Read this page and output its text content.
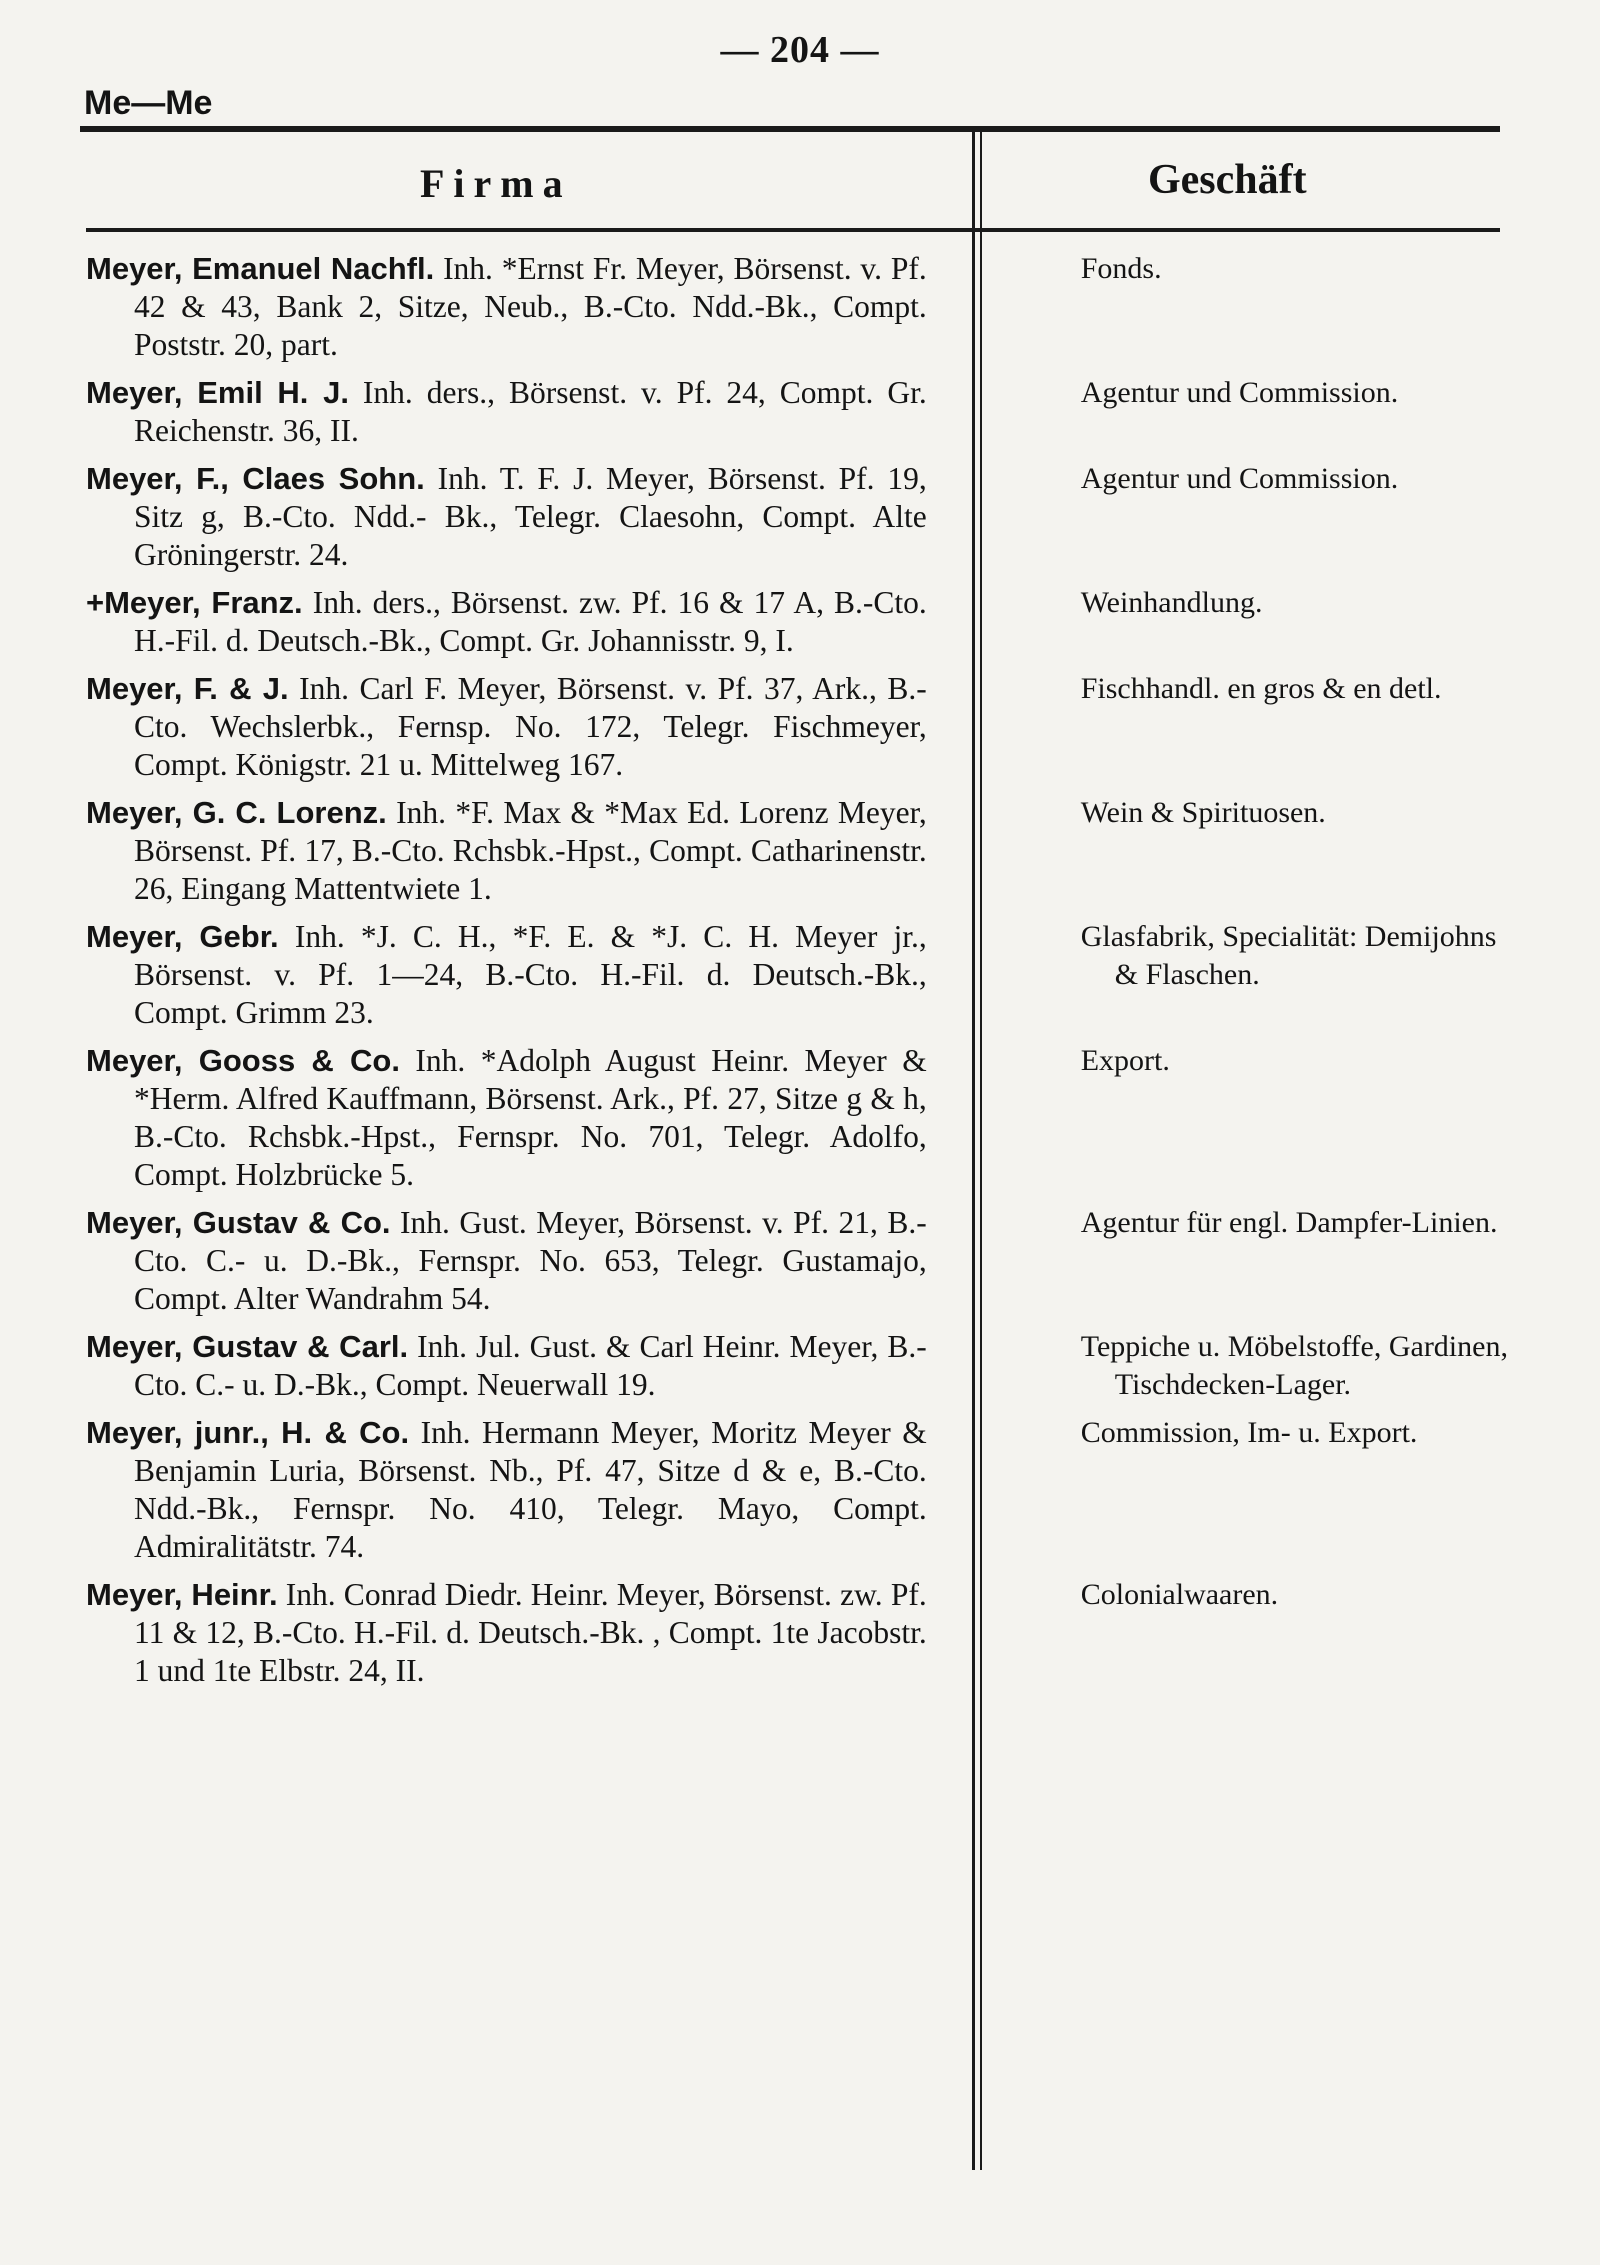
— 204 —
Me—Me
Firma	Geschäft
Meyer, Emanuel Nachfl. Inh. *Ernst Fr. Meyer, Börsenst. v. Pf. 42 & 43, Bank 2, Sitze, Neub., B.-Cto. Ndd.-Bk., Compt. Poststr. 20, part.
Fonds.
Meyer, Emil H. J. Inh. ders., Börsenst. v. Pf. 24, Compt. Gr. Reichenstr. 36, II.
Agentur und Commission.
Meyer, F., Claes Sohn. Inh. T. F. J. Meyer, Börsenst. Pf. 19, Sitz g, B.-Cto. Ndd.- Bk., Telegr. Claesohn, Compt. Alte Gröningerstr. 24.
Agentur und Commission.
+Meyer, Franz. Inh. ders., Börsenst. zw. Pf. 16 & 17 A, B.-Cto. H.-Fil. d. Deutsch.-Bk., Compt. Gr. Johannisstr. 9, I.
Weinhandlung.
Meyer, F. & J. Inh. Carl F. Meyer, Börsenst. v. Pf. 37, Ark., B.-Cto. Wechslerbk., Fernsp. No. 172, Telegr. Fischmeyer, Compt. Königstr. 21 u. Mittelweg 167.
Fischhandl. en gros & en detl.
Meyer, G. C. Lorenz. Inh. *F. Max & *Max Ed. Lorenz Meyer, Börsenst. Pf. 17, B.-Cto. Rchsbk.-Hpst., Compt. Catharinenstr. 26, Eingang Mattentwiete 1.
Wein & Spirituosen.
Meyer, Gebr. Inh. *J. C. H., *F. E. & *J. C. H. Meyer jr., Börsenst. v. Pf. 1—24, B.-Cto. H.-Fil. d. Deutsch.-Bk., Compt. Grimm 23.
Glasfabrik, Specialität: Demijohns & Flaschen.
Meyer, Gooss & Co. Inh. *Adolph August Heinr. Meyer & *Herm. Alfred Kauffmann, Börsenst. Ark., Pf. 27, Sitze g & h, B.-Cto. Rchsbk.-Hpst., Fernspr. No. 701, Telegr. Adolfo, Compt. Holzbrücke 5.
Export.
Meyer, Gustav & Co. Inh. Gust. Meyer, Börsenst. v. Pf. 21, B.-Cto. C.- u. D.-Bk., Fernspr. No. 653, Telegr. Gustamajo, Compt. Alter Wandrahm 54.
Agentur für engl. Dampfer-Linien.
Meyer, Gustav & Carl. Inh. Jul. Gust. & Carl Heinr. Meyer, B.-Cto. C.- u. D.-Bk., Compt. Neuerwall 19.
Teppiche u. Möbelstoffe, Gardinen, Tischdecken-Lager.
Meyer, junr., H. & Co. Inh. Hermann Meyer, Moritz Meyer & Benjamin Luria, Börsenst. Nb., Pf. 47, Sitze d & e, B.-Cto. Ndd.-Bk., Fernspr. No. 410, Telegr. Mayo, Compt. Admiralitätstr. 74.
Commission, Im- u. Export.
Meyer, Heinr. Inh. Conrad Diedr. Heinr. Meyer, Börsenst. zw. Pf. 11 & 12, B.-Cto. H.-Fil. d. Deutsch.-Bk. , Compt. 1te Jacobstr. 1 und 1te Elbstr. 24, II.
Colonialwaaren.
